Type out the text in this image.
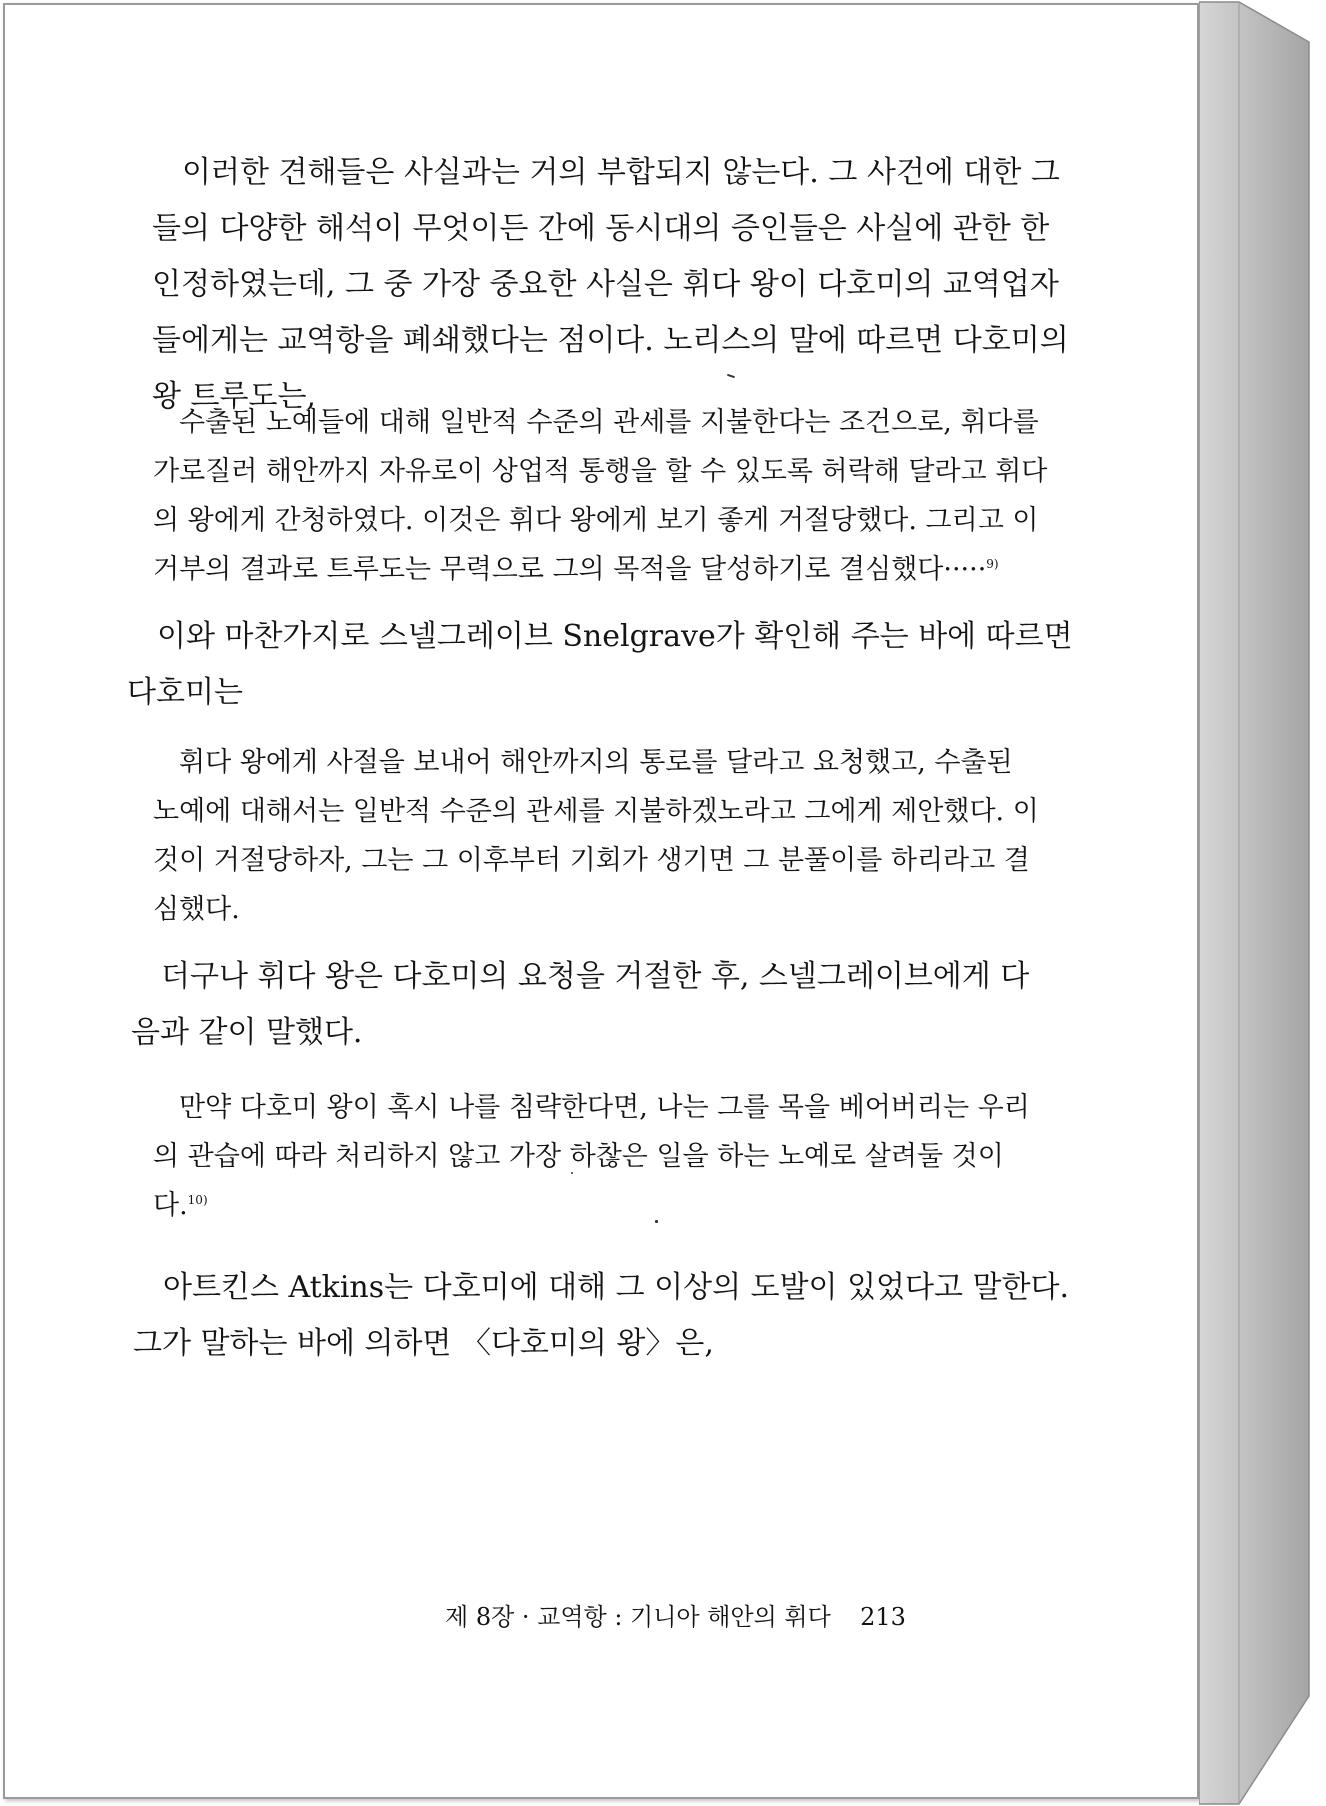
이러한 견해들은 사실과는 거의 부합되지 않는다. 그 사건에 대한 그
들의 다양한 해석이 무엇이든 간에 동시대의 증인들은 사실에 관한 한
인정하였는데, 그 중 가장 중요한 사실은 휘다 왕이 다호미의 교역업자
들에게는 교역항을 폐쇄했다는 점이다. 노리스의 말에 따르면 다호미의
왕 트루도는,
수출된 노예들에 대해 일반적 수준의 관세를 지불한다는 조건으로, 휘다를
가로질러 해안까지 자유로이 상업적 통행을 할 수 있도록 허락해 달라고 휘다
의 왕에게 간청하였다. 이것은 휘다 왕에게 보기 좋게 거절당했다. 그리고 이
거부의 결과로 트루도는 무력으로 그의 목적을 달성하기로 결심했다·····$^{9)}$
이와 마찬가지로 스넬그레이브 Snelgrave가 확인해 주는 바에 따르면
다호미는
휘다 왕에게 사절을 보내어 해안까지의 통로를 달라고 요청했고, 수출된
노예에 대해서는 일반적 수준의 관세를 지불하겠노라고 그에게 제안했다. 이
것이 거절당하자, 그는 그 이후부터 기회가 생기면 그 분풀이를 하리라고 결
심했다.
더구나 휘다 왕은 다호미의 요청을 거절한 후, 스넬그레이브에게 다
음과 같이 말했다.
만약 다호미 왕이 혹시 나를 침략한다면, 나는 그를 목을 베어버리는 우리
의 관습에 따라 처리하지 않고 가장 하찮은 일을 하는 노예로 살려둘 것이
다.$^{10)}$
아트킨스 Atkins는 다호미에 대해 그 이상의 도발이 있었다고 말한다.
그가 말하는 바에 의하면 〈다호미의 왕〉은,
제 8장 · 교역항 : 기니아 해안의 휘다 213
